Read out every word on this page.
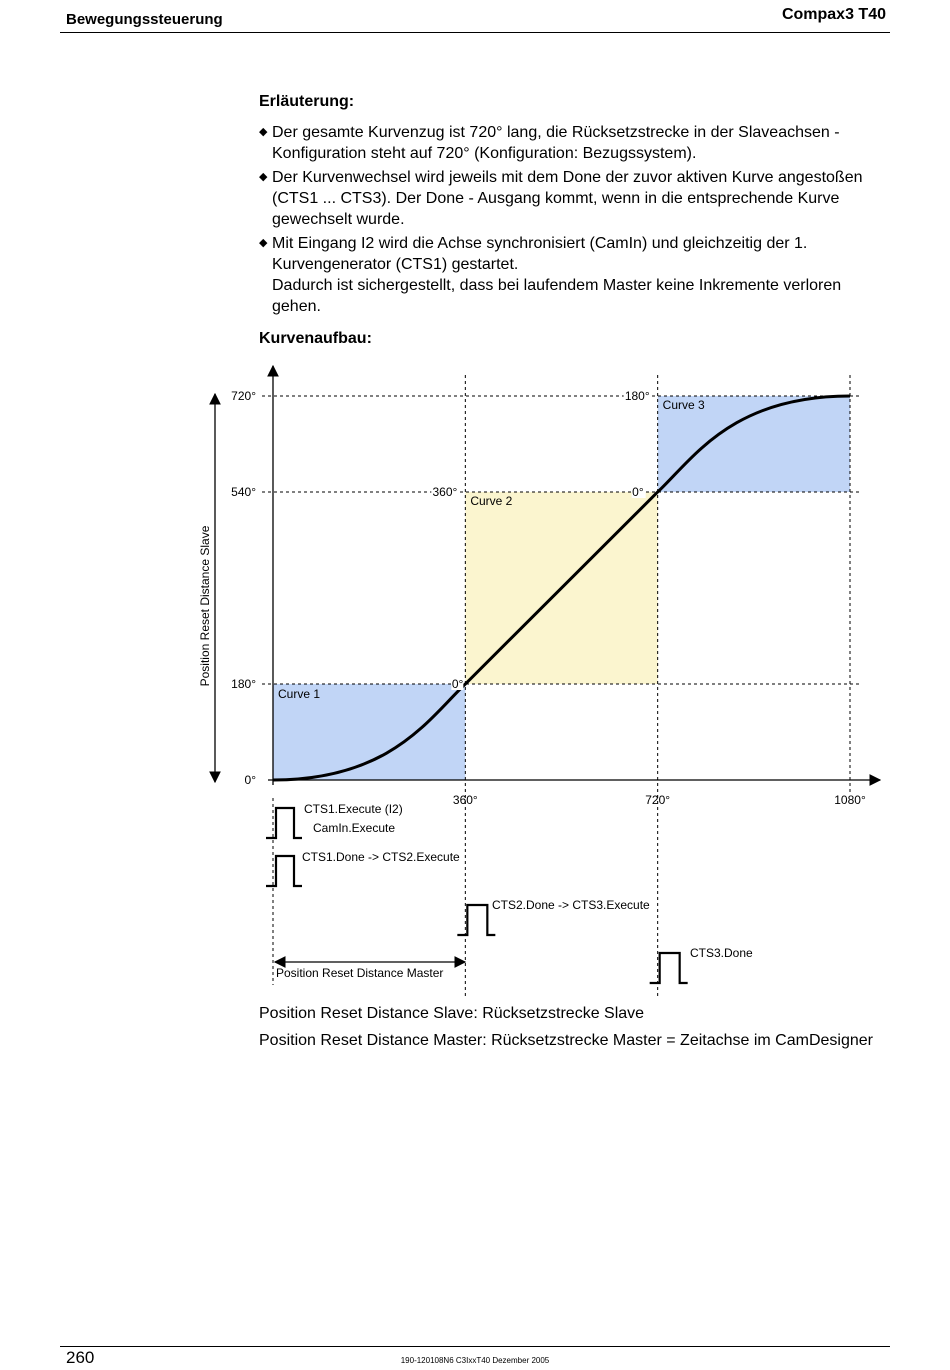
Bewegungssteuerung	Compax3 T40
Erläuterung:
◆ Der gesamte Kurvenzug ist 720° lang, die Rücksetzstrecke in der Slaveachsen - Konfiguration steht auf 720° (Konfiguration: Bezugssystem).

◆ Der Kurvenwechsel wird jeweils mit dem Done der zuvor aktiven Kurve angestoßen (CTS1 ... CTS3). Der Done - Ausgang kommt, wenn in die entsprechende Kurve gewechselt wurde.

◆ Mit Eingang I2 wird die Achse synchronisiert (CamIn) und gleichzeitig der 1. Kurvengenerator (CTS1) gestartet.

Dadurch ist sichergestellt, dass bei laufendem Master keine Inkremente verloren gehen.

Kurvenaufbau:
0°
180°
540°
720°
360°	720°	1080°
Position Reset Distance Slave
Position Reset Distance Master
Curve 1
Curve 2
Curve 3
0°
360°	0°
180°
CTS1.Execute (I2)
CamIn.Execute
CTS1.Done -> CTS2.Execute
CTS2.Done -> CTS3.Execute
CTS3.Done

Position Reset Distance Slave: Rücksetzstrecke Slave

Position Reset Distance Master: Rücksetzstrecke Master = Zeitachse im CamDesigner

260	190-120108N6 C3IxxT40 Dezember 2005
